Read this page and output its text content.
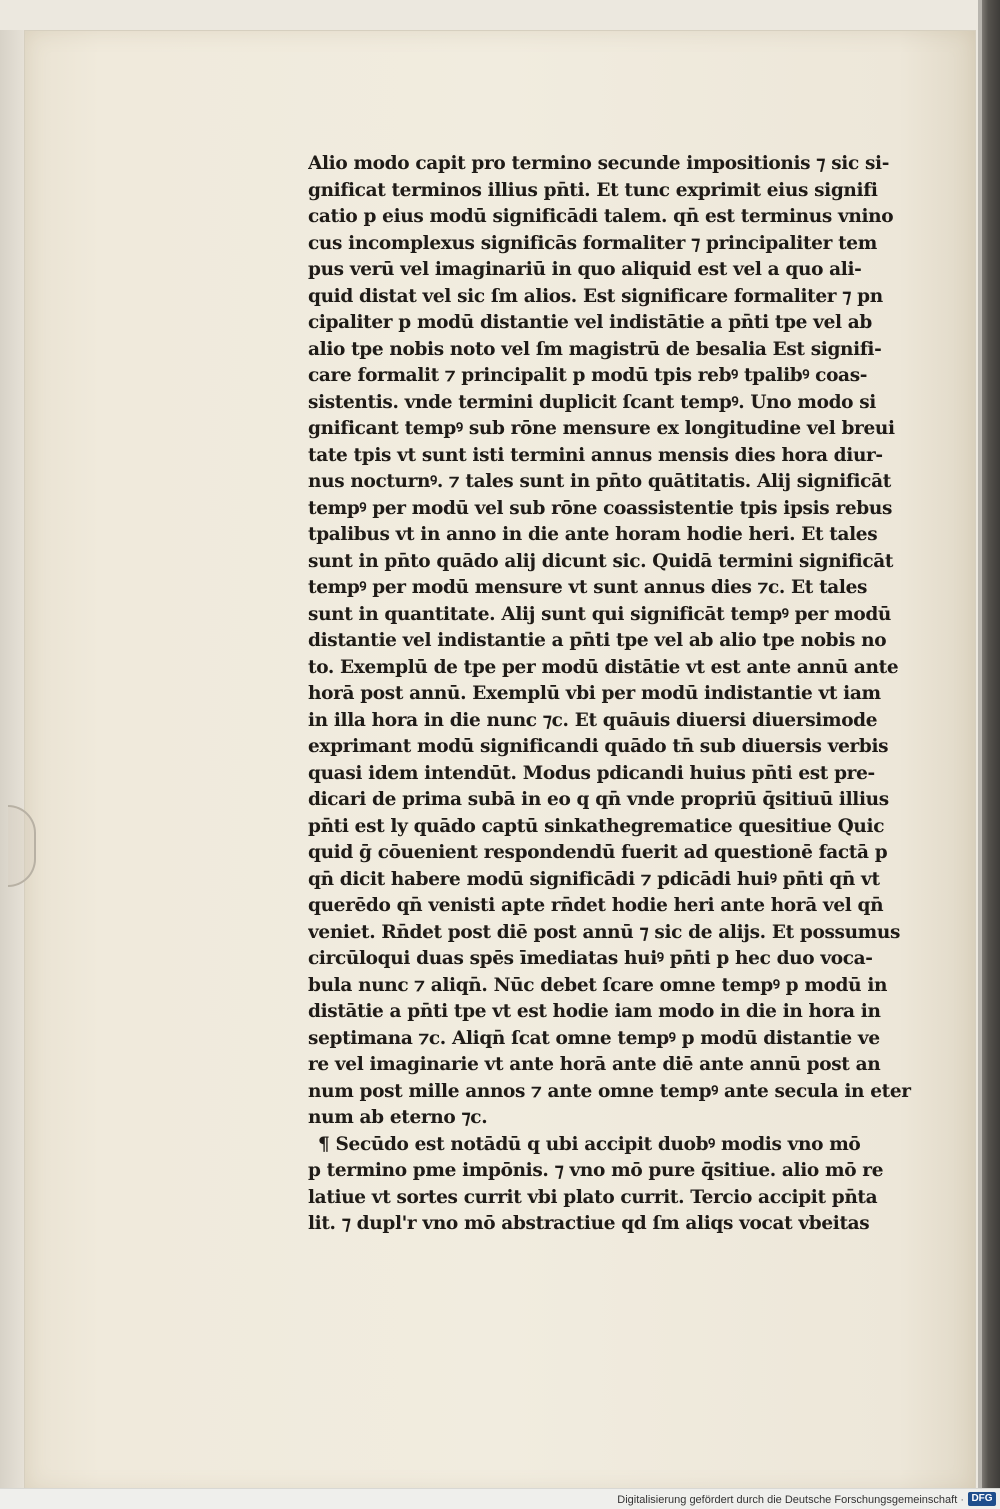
Alio modo capit pro termino secunde impositionis ⁊ sic si-
gnificat terminos illius pn̄ti. Et tunc exprimit eius signifi
catio p eius modū significādi talem. qn̄ est terminus vnino
cus incomplexus significās formaliter ⁊ principaliter tem
pus verū vel imaginariū in quo aliquid est vel a quo ali-
quid distat vel sic ſm alios. Est significare formaliter ⁊ pn
cipaliter p modū distantie vel indistātie a pn̄ti tpe vel ab
alio tpe nobis noto vel ſm magistrū de besalia Est signifi-
care formalit ⁊ principalit p modū tpis rebꝰ tpalibꝰ coas-
sistentis. vnde termini duplicit ſcant tempꝰ. Uno modo si
gnificant tempꝰ sub rōne mensure ex longitudine vel breui
tate tpis vt sunt isti termini annus mensis dies hora diur-
nus nocturnꝰ. ⁊ tales sunt in pn̄to quātitatis. Alij significāt
tempꝰ per modū vel sub rōne coassistentie tpis ipsis rebus
tpalibus vt in anno in die ante horam hodie heri. Et tales
sunt in pn̄to quādo alij dicunt sic. Quidā termini significāt
tempꝰ per modū mensure vt sunt annus dies ⁊c. Et tales
sunt in quantitate. Alij sunt qui significāt tempꝰ per modū
distantie vel indistantie a pn̄ti tpe vel ab alio tpe nobis no
to. Exemplū de tpe per modū distātie vt est ante annū ante
horā post annū. Exemplū vbi per modū indistantie vt iam
in illa hora in die nunc ⁊c. Et quāuis diuersi diuersimode
exprimant modū significandi quādo tn̄ sub diuersis verbis
quasi idem intendūt. Modus pdicandi huius pn̄ti est pre-
dicari de prima subā in eo q qn̄ vnde propriū q̄sitiuū illius
pn̄ti est ly quādo captū sinkathegrematice quesitiue Quic
quid ḡ cōuenient respondendū fuerit ad questionē factā p
qn̄ dicit habere modū significādi ⁊ pdicādi huiꝰ pn̄ti qn̄ vt
querēdo qn̄ venisti apte rn̄det hodie heri ante horā vel qn̄
veniet. Rn̄det post diē post annū ⁊ sic de alijs. Et possumus
circūloqui duas spēs īmediatas huiꝰ pn̄ti p hec duo voca-
bula nunc ⁊ aliqn̄. Nūc debet ſcare omne tempꝰ p modū in
distātie a pn̄ti tpe vt est hodie iam modo in die in hora in
septimana ⁊c. Aliqn̄ ſcat omne tempꝰ p modū distantie ve
re vel imaginarie vt ante horā ante diē ante annū post an
num post mille annos ⁊ ante omne tempꝰ ante secula in eter
num ab eterno ⁊c.
¶ Secūdo est notādū q ubi accipit duobꝰ modis vno mō
p termino pme impōnis. ⁊ vno mō pure q̄sitiue. alio mō re
latiue vt sortes currit vbi plato currit. Tercio accipit pn̄ta
lit. ⁊ dupl'r vno mō abstractiue qd ſm aliqs vocat vbeitas
Digitalisierung gefördert durch die Deutsche Forschungsgemeinschaft · DFG
